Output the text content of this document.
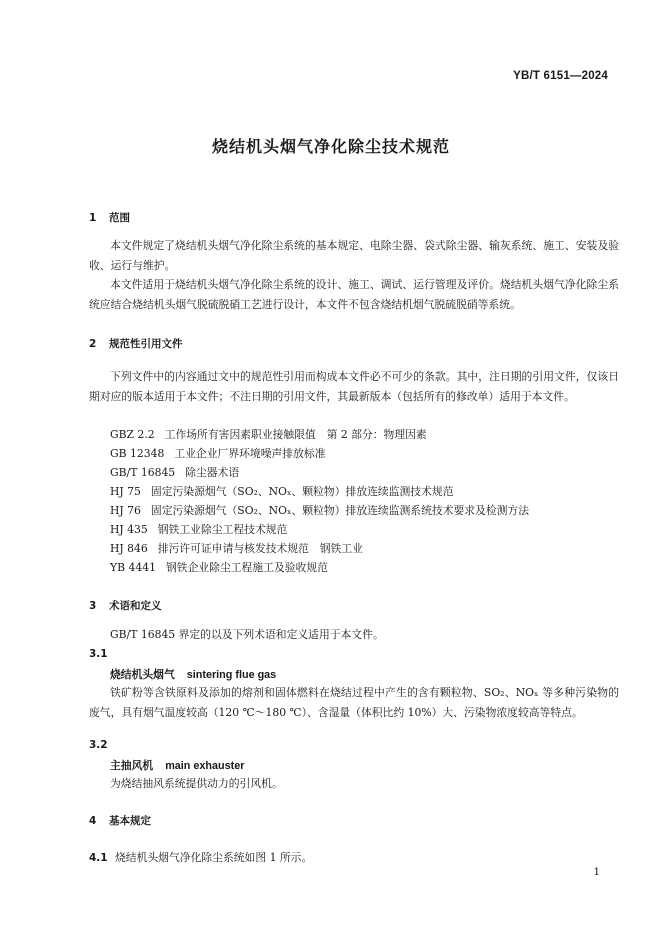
YB/T 6151—2024
烧结机头烟气净化除尘技术规范
1 范围
本文件规定了烧结机头烟气净化除尘系统的基本规定、电除尘器、袋式除尘器、输灰系统、施工、安装及验收、运行与维护。
本文件适用于烧结机头烟气净化除尘系统的设计、施工、调试、运行管理及评价。烧结机头烟气净化除尘系统应结合烧结机头烟气脱硫脱硝工艺进行设计，本文件不包含烧结机烟气脱硫脱硝等系统。
2 规范性引用文件
下列文件中的内容通过文中的规范性引用而构成本文件必不可少的条款。其中，注日期的引用文件，仅该日期对应的版本适用于本文件；不注日期的引用文件，其最新版本（包括所有的修改单）适用于本文件。
GBZ 2.2 工作场所有害因素职业接触限值　第 2 部分：物理因素
GB 12348 工业企业厂界环境噪声排放标准
GB/T 16845 除尘器术语
HJ 75 固定污染源烟气（SO₂、NOₓ、颗粒物）排放连续监测技术规范
HJ 76 固定污染源烟气（SO₂、NOₓ、颗粒物）排放连续监测系统技术要求及检测方法
HJ 435 钢铁工业除尘工程技术规范
HJ 846 排污许可证申请与核发技术规范　钢铁工业
YB 4441 钢铁企业除尘工程施工及验收规范
3 术语和定义
GB/T 16845 界定的以及下列术语和定义适用于本文件。
3.1
烧结机头烟气 sintering flue gas
铁矿粉等含铁原料及添加的熔剂和固体燃料在烧结过程中产生的含有颗粒物、SO₂、NOₓ 等多种污染物的废气，具有烟气温度较高（120 ℃～180 ℃）、含湿量（体积比约 10%）大、污染物浓度较高等特点。
3.2
主抽风机 main exhauster
为烧结抽风系统提供动力的引风机。
4 基本规定
4.1 烧结机头烟气净化除尘系统如图 1 所示。
1
